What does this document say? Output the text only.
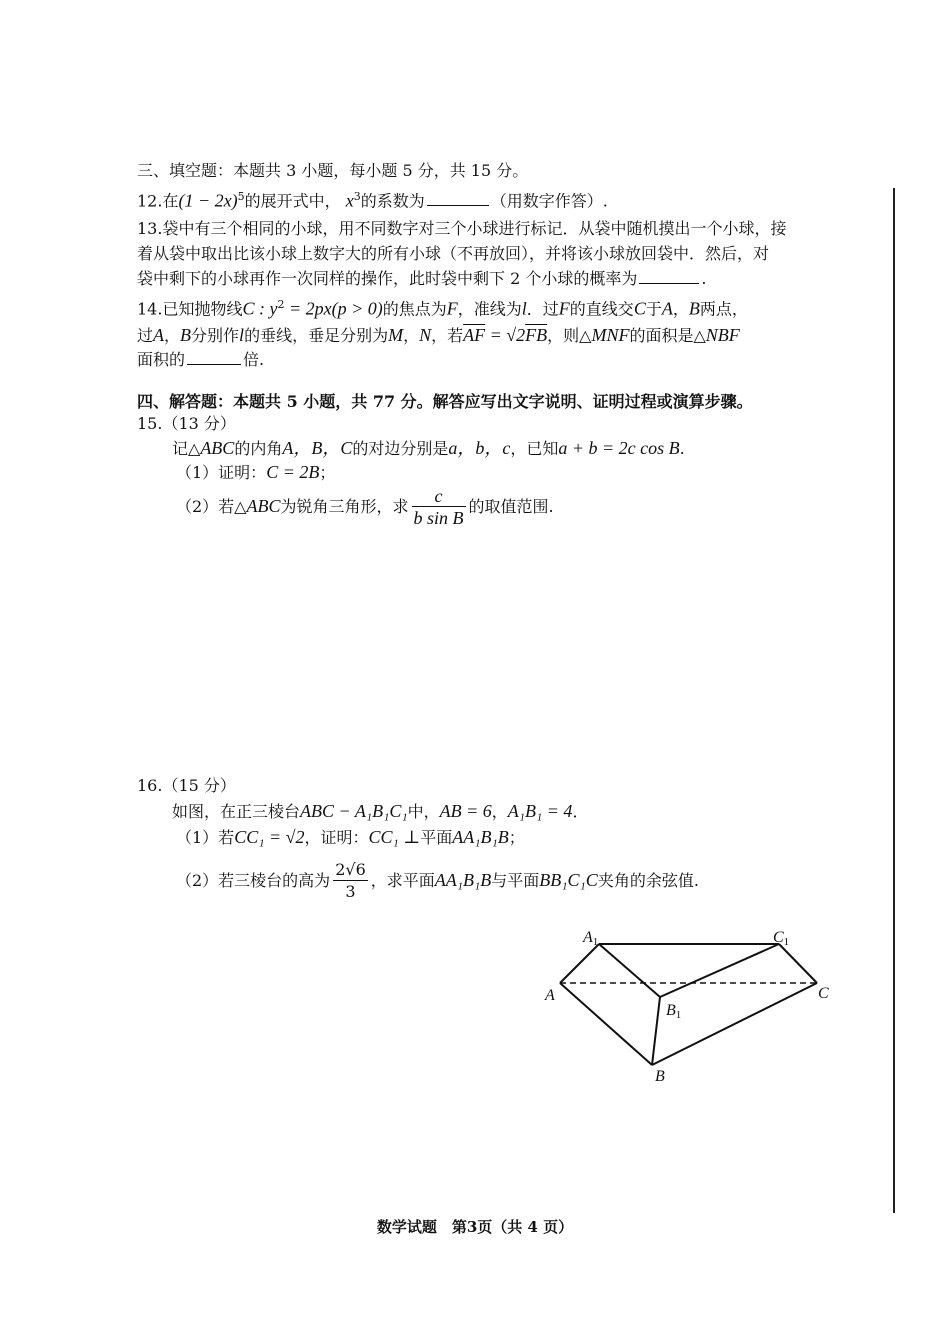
三、填空题：本题共 3 小题，每小题 5 分，共 15 分。
12.在$(1 - 2x)^5$的展开式中， $x^3$的系数为	（用数字作答）.
13.袋中有三个相同的小球，用不同数字对三个小球进行标记．从袋中随机摸出一个小球，接
着从袋中取出比该小球上数字大的所有小球（不再放回），并将该小球放回袋中．然后，对
袋中剩下的小球再作一次同样的操作，此时袋中剩下 2 个小球的概率为	.
14.已知抛物线C : $y^2 = 2px(p > 0)$的焦点为F，准线为l．过F的直线交C于A，B两点，
过A，B分别作l的垂线，垂足分别为M，N，若$\overline{AF} = √2\overline{FB}$，则△MNF的面积是△NBF
面积的	倍.
四、解答题：本题共 5 小题，共 77 分。解答应写出文字说明、证明过程或演算步骤。
15.（13 分）
记△ABC的内角A，B，C的对边分别是a，b，c，已知a + b = 2c cos B.
（1）证明：C = 2B；
（2）若△ABC为锐角三角形，求 $\frac{c}{\text{b sin B}}$ 的取值范围.
16.（15 分）
如图，在正三棱台ABC − A₁B₁C₁中，AB = 6，A₁B₁ = 4．
（1）若CC₁ = √2，证明：CC₁ ⊥平面AA₁B₁B；
（2）若三棱台的高为 $\frac{2√6}{3}$ ，求平面AA₁B₁B与平面BB₁C₁C夹角的余弦值.
A1	C1
A	C
B1
B
数学试题　第3页（共 4 页）
